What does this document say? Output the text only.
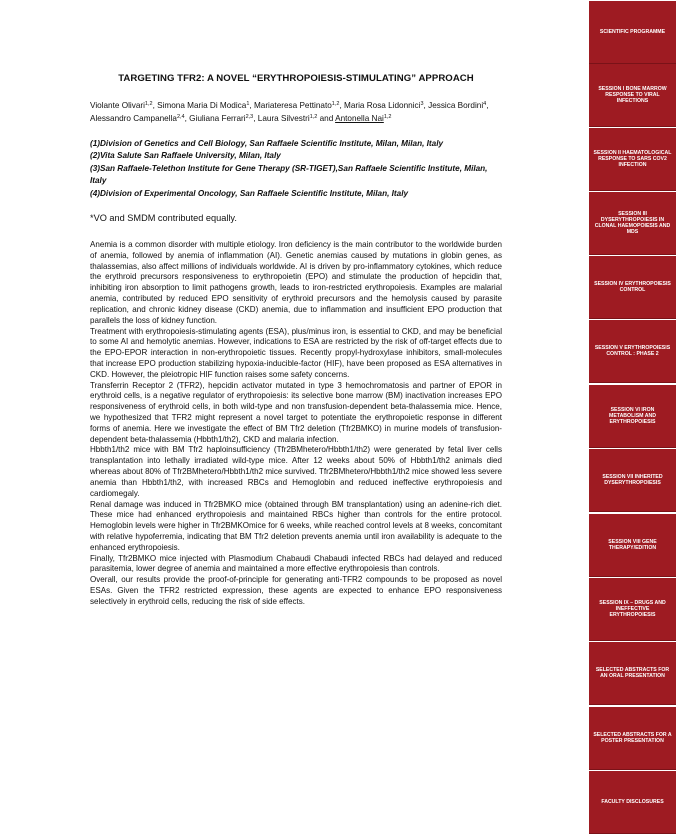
TARGETING TFR2: A NOVEL “ERYTHROPOIESIS-STIMULATING” APPROACH
Violante Olivari$^{1,2}$, Simona Maria Di Modica$^1$, Mariateresa Pettinato$^{1,2}$, Maria Rosa Lidonnici$^3$, Jessica Bordini$^4$, Alessandro Campanella$^{2,4}$, Giuliana Ferrari$^{2,3}$, Laura Silvestri$^{1,2}$ and Antonella Nai$^{1,2}$
(1)Division of Genetics and Cell Biology, San Raffaele Scientific Institute, Milan, Milan, Italy
(2)Vita Salute San Raffaele University, Milan, Italy
(3)San Raffaele-Telethon Institute for Gene Therapy (SR-TIGET),San Raffaele Scientific Institute, Milan, Italy
(4)Division of Experimental Oncology, San Raffaele Scientific Institute, Milan, Italy
*VO and SMDM contributed equally.

Anemia is a common disorder with multiple etiology. Iron deficiency is the main contributor to the worldwide burden of anemia, followed by anemia of inflammation (AI). Genetic anemias caused by mutations in globin genes, as thalassemias, also affect millions of individuals worldwide. AI is driven by pro-inflammatory cytokines, which reduce the erythroid precursors responsiveness to erythropoietin (EPO) and stimulate the production of hepcidin that, inhibiting iron absorption to limit pathogens growth, leads to iron-restricted erythropoiesis. Examples are malarial anemia, contributed by reduced EPO sensitivity of erythroid precursors and the hemolysis caused by parasite replication, and chronic kidney disease (CKD) anemia, due to inflammation and insufficient EPO production that parallels the loss of kidney function.

Treatment with erythropoiesis-stimulating agents (ESA), plus/minus iron, is essential to CKD, and may be beneficial to some AI and hemolytic anemias. However, indications to ESA are restricted by the risk of off-target effects due to the EPO-EPOR interaction in non-erythropoietic tissues. Recently propyl-hydroxylase inhibitors, small-molecules that increase EPO production stabilizing hypoxia-inducible-factor (HIF), have been proposed as ESA alternatives in CKD. However, the pleiotropic HIF function raises some safety concerns.

Transferrin Receptor 2 (TFR2), hepcidin activator mutated in type 3 hemochromatosis and partner of EPOR in erythroid cells, is a negative regulator of erythropoiesis: its selective bone marrow (BM) inactivation increases EPO responsiveness of erythroid cells, in both wild-type and non transfusion-dependent beta-thalassemia mice. Hence, we hypothesized that TFR2 might represent a novel target to potentiate the erythropoietic response in different forms of anemia. Here we investigate the effect of BM Tfr2 deletion (Tfr2BMKO) in murine models of transfusion-dependent beta-thalassemia (Hbbth1/th2), CKD and malaria infection.

Hbbth1/th2 mice with BM Tfr2 haploinsufficiency (Tfr2BMhetero/Hbbth1/th2) were generated by fetal liver cells transplantation into lethally irradiated wild-type mice. After 12 weeks about 50% of Hbbth1/th2 animals died whereas about 80% of Tfr2BMhetero/Hbbth1/th2 mice survived. Tfr2BMhetero/Hbbth1/th2 mice showed less severe anemia than Hbbth1/th2, with increased RBCs and Hemoglobin and reduced ineffective erythropoiesis and cardiomegaly.

Renal damage was induced in Tfr2BMKO mice (obtained through BM transplantation) using an adenine-rich diet. These mice had enhanced erythropoiesis and maintained RBCs higher than controls for the entire protocol. Hemoglobin levels were higher in Tfr2BMKOmice for 6 weeks, while reached control levels at 8 weeks, concomitant with relative hypoferremia, indicating that BM Tfr2 deletion prevents anemia until iron availability is adequate to the enhanced erythropoiesis.

Finally, Tfr2BMKO mice injected with Plasmodium Chabaudi Chabaudi infected RBCs had delayed and reduced parasitemia, lower degree of anemia and maintained a more effective erythropoiesis than controls.

Overall, our results provide the proof-of-principle for generating anti-TFR2 compounds to be proposed as novel ESAs. Given the TFR2 restricted expression, these agents are expected to enhance EPO responsiveness selectively in erythroid cells, reducing the risk of side effects.

SCIENTIFIC PROGRAMME
SESSION I BONE MARROW RESPONSE TO VIRAL INFECTIONS
SESSION II HAEMATOLOGICAL RESPONSE TO SARS COV2 INFECTION
SESSION III DYSERYTHROPOIESIS IN CLONAL HAEMOPOIESIS AND MDS
SESSION IV ERYTHROPOIESIS CONTROL
SESSION V ERYTHROPOIESIS CONTROL : PHASE 2
SESSION VI IRON METABOLISM AND ERYTHROPOIESIS
SESSION VII INHERITED DYSERYTHROPOIESIS
SESSION VIII GENE THERAPY/EDITION
SESSION IX – DRUGS AND INEFFECTIVE ERYTHROPOIESIS
SELECTED ABSTRACTS FOR AN ORAL PRESENTATION
SELECTED ABSTRACTS FOR A POSTER PRESENTATION
FACULTY DISCLOSURES
